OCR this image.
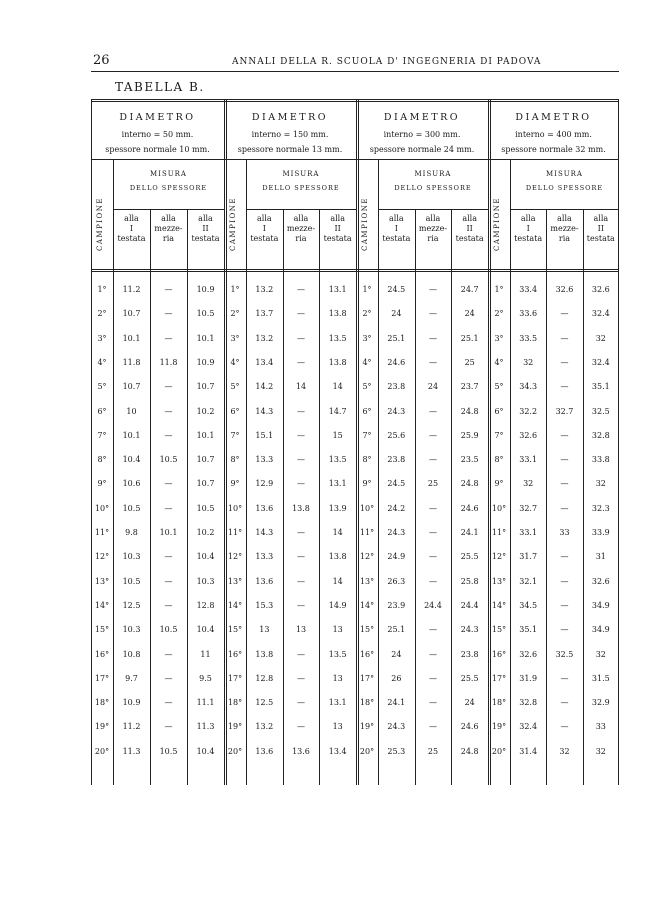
26	ANNALI DELLA R. SCUOLA D' INGEGNERIA DI PADOVA
TABELLA B.
DIAMETRO
interno = 50 mm.
spessore normale 10 mm.
CAMPIONE
MISURA
DELLO SPESSORE
alla
I
testata
alla
mezze-
ria
alla
II
testata
1°	11.2	—	10.9
2°	10.7	—	10.5
3°	10.1	—	10.1
4°	11.8	11.8	10.9
5°	10.7	—	10.7
6°	10	—	10.2
7°	10.1	—	10.1
8°	10.4	10.5	10.7
9°	10.6	—	10.7
10°	10.5	—	10.5
11°	9.8	10.1	10.2
12°	10.3	—	10.4
13°	10.5	—	10.3
14°	12.5	—	12.8
15°	10.3	10.5	10.4
16°	10.8	—	11
17°	9.7	—	9.5
18°	10.9	—	11.1
19°	11.2	—	11.3
20°	11.3	10.5	10.4
DIAMETRO
interno = 150 mm.
spessore normale 13 mm.
CAMPIONE
MISURA
DELLO SPESSORE
alla
I
testata
alla
mezze-
ria
alla
II
testata
1°	13.2	—	13.1
2°	13.7	—	13.8
3°	13.2	—	13.5
4°	13.4	—	13.8
5°	14.2	14	14
6°	14.3	—	14.7
7°	15.1	—	15
8°	13.3	—	13.5
9°	12.9	—	13.1
10°	13.6	13.8	13.9
11°	14.3	—	14
12°	13.3	—	13.8
13°	13.6	—	14
14°	15.3	—	14.9
15°	13	13	13
16°	13.8	—	13.5
17°	12.8	—	13
18°	12.5	—	13.1
19°	13.2	—	13
20°	13.6	13.6	13.4
DIAMETRO
interno = 300 mm.
spessore normale 24 mm.
CAMPIONE
MISURA
DELLO SPESSORE
alla
I
testata
alla
mezze-
ria
alla
II
testata
1°	24.5	—	24.7
2°	24	—	24
3°	25.1	—	25.1
4°	24.6	—	25
5°	23.8	24	23.7
6°	24.3	—	24.8
7°	25.6	—	25.9
8°	23.8	—	23.5
9°	24.5	25	24.8
10°	24.2	—	24.6
11°	24.3	—	24.1
12°	24.9	—	25.5
13°	26.3	—	25.8
14°	23.9	24.4	24.4
15°	25.1	—	24.3
16°	24	—	23.8
17°	26	—	25.5
18°	24.1	—	24
19°	24.3	—	24.6
20°	25.3	25	24.8
DIAMETRO
interno = 400 mm.
spessore normale 32 mm.
CAMPIONE
MISURA
DELLO SPESSORE
alla
I
testata
alla
mezze-
ria
alla
II
testata
1°	33.4	32.6	32.6
2°	33.6	—	32.4
3°	33.5	—	32
4°	32	—	32.4
5°	34.3	—	35.1
6°	32.2	32.7	32.5
7°	32.6	—	32.8
8°	33.1	—	33.8
9°	32	—	32
10°	32.7	—	32.3
11°	33.1	33	33.9
12°	31.7	—	31
13°	32.1	—	32.6
14°	34.5	—	34.9
15°	35.1	—	34.9
16°	32.6	32.5	32
17°	31.9	—	31.5
18°	32.8	—	32.9
19°	32.4	—	33
20°	31.4	32	32
